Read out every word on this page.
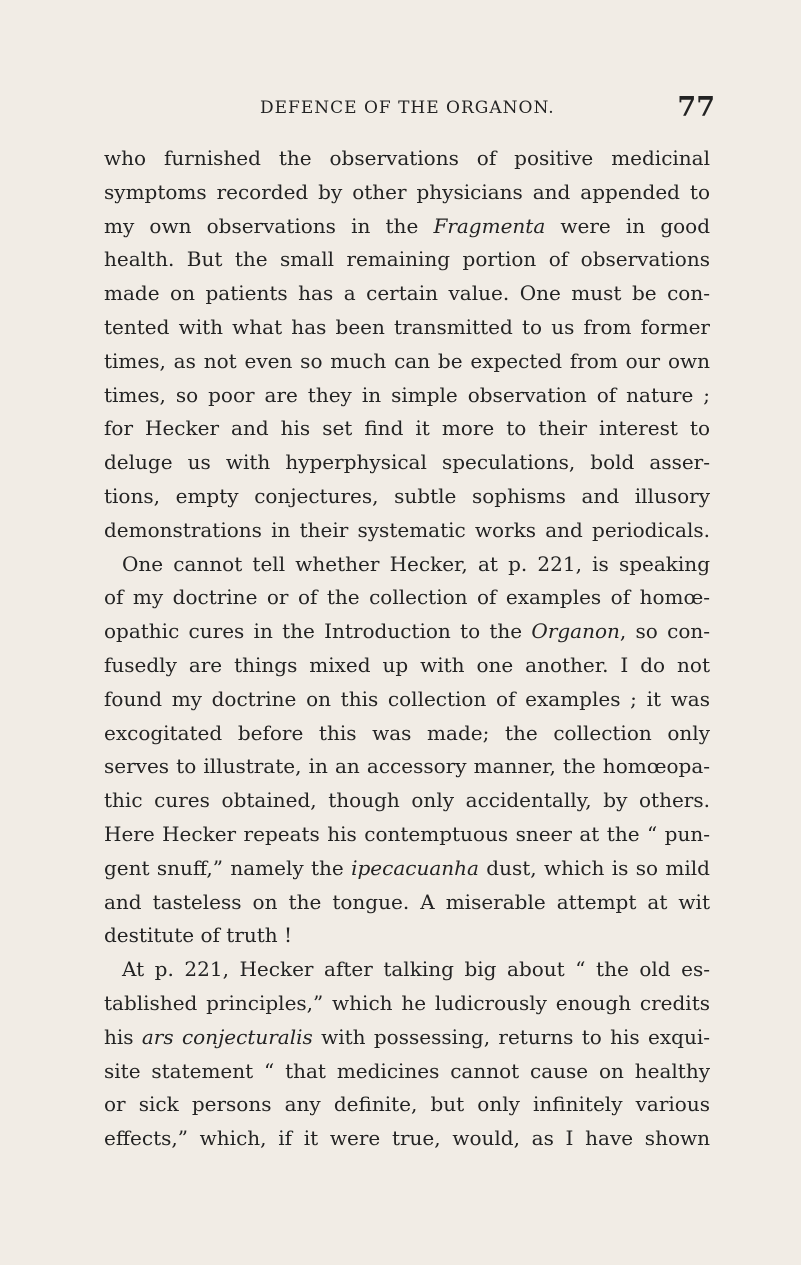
DEFENCE OF THE ORGANON.	77
who furnished the observations of positive medicinal
symptoms recorded by other physicians and appended to
my own observations in the Fragmenta were in good
health. But the small remaining portion of observations
made on patients has a certain value. One must be con-
tented with what has been transmitted to us from former
times, as not even so much can be expected from our own
times, so poor are they in simple observation of nature ;
for Hecker and his set find it more to their interest to
deluge us with hyperphysical speculations, bold asser-
tions, empty conjectures, subtle sophisms and illusory
demonstrations in their systematic works and periodicals.
One cannot tell whether Hecker, at p. 221, is speaking
of my doctrine or of the collection of examples of homœ-
opathic cures in the Introduction to the Organon, so con-
fusedly are things mixed up with one another. I do not
found my doctrine on this collection of examples ; it was
excogitated before this was made; the collection only
serves to illustrate, in an accessory manner, the homœopa-
thic cures obtained, though only accidentally, by others.
Here Hecker repeats his contemptuous sneer at the “ pun-
gent snuff,” namely the ipecacuanha dust, which is so mild
and tasteless on the tongue. A miserable attempt at wit
destitute of truth !
At p. 221, Hecker after talking big about “ the old es-
tablished principles,” which he ludicrously enough credits
his ars conjecturalis with possessing, returns to his exqui-
site statement “ that medicines cannot cause on healthy
or sick persons any definite, but only infinitely various
effects,” which, if it were true, would, as I have shown
